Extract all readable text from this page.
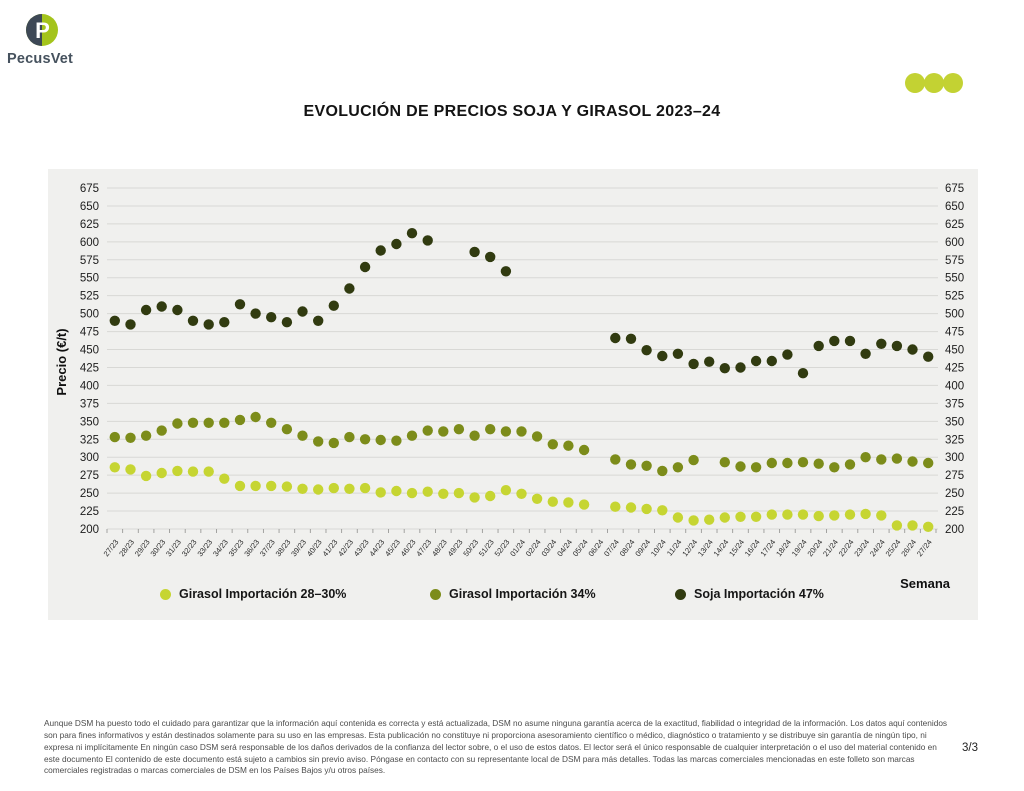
P
PecusVet
EVOLUCIÓN DE PRECIOS SOJA Y GIRASOL 2023–24
200	200
225	225
250	250
275	275
300	300
325	325
350	350
375	375
400	400
425	425
450	450
475	475
500	500
525	525
550	550
575	575
600	600
625	625
650	650
675	675
27/23
28/23
29/23
30/23
31/23
32/23
33/23
34/23
35/23
36/23
37/23
38/23
39/23
40/23
41/23
42/23
43/23
44/23
45/23
46/23
47/23
48/23
49/23
50/23
51/23
52/23
01/24
02/24
03/24
04/24
05/24
06/24
07/24
08/24
09/24
10/24
11/24
12/24
13/24
14/24
15/24
16/24
17/24
18/24
19/24
20/24
21/24
22/24
23/24
24/24
25/24
26/24
27/24
Precio (€/t)
Semana
Girasol Importación 28–30%	Girasol Importación 34%	Soja Importación 47%

Aunque DSM ha puesto todo el cuidado para garantizar que la información aquí contenida es correcta y está actualizada, DSM no asume ninguna garantía acerca de la exactitud, fiabilidad o integridad de la información. Los datos aquí contenidos son para fines informativos y están destinados solamente para su uso en las empresas. Esta publicación no constituye ni proporciona asesoramiento científico o médico, diagnóstico o tratamiento y se distribuye sin garantía de ningún tipo, ni expresa ni implícitamente En ningún caso DSM será responsable de los daños derivados de la confianza del lector sobre, o el uso de estos datos. El lector será el único responsable de cualquier interpretación o el uso del material contenido en este documento El contenido de este documento está sujeto a cambios sin previo aviso. Póngase en contacto con su representante local de DSM para más detalles. Todas las marcas comerciales mencionadas en este folleto son marcas comerciales registradas o marcas comerciales de DSM en los Países Bajos y/u otros países.

3/3
